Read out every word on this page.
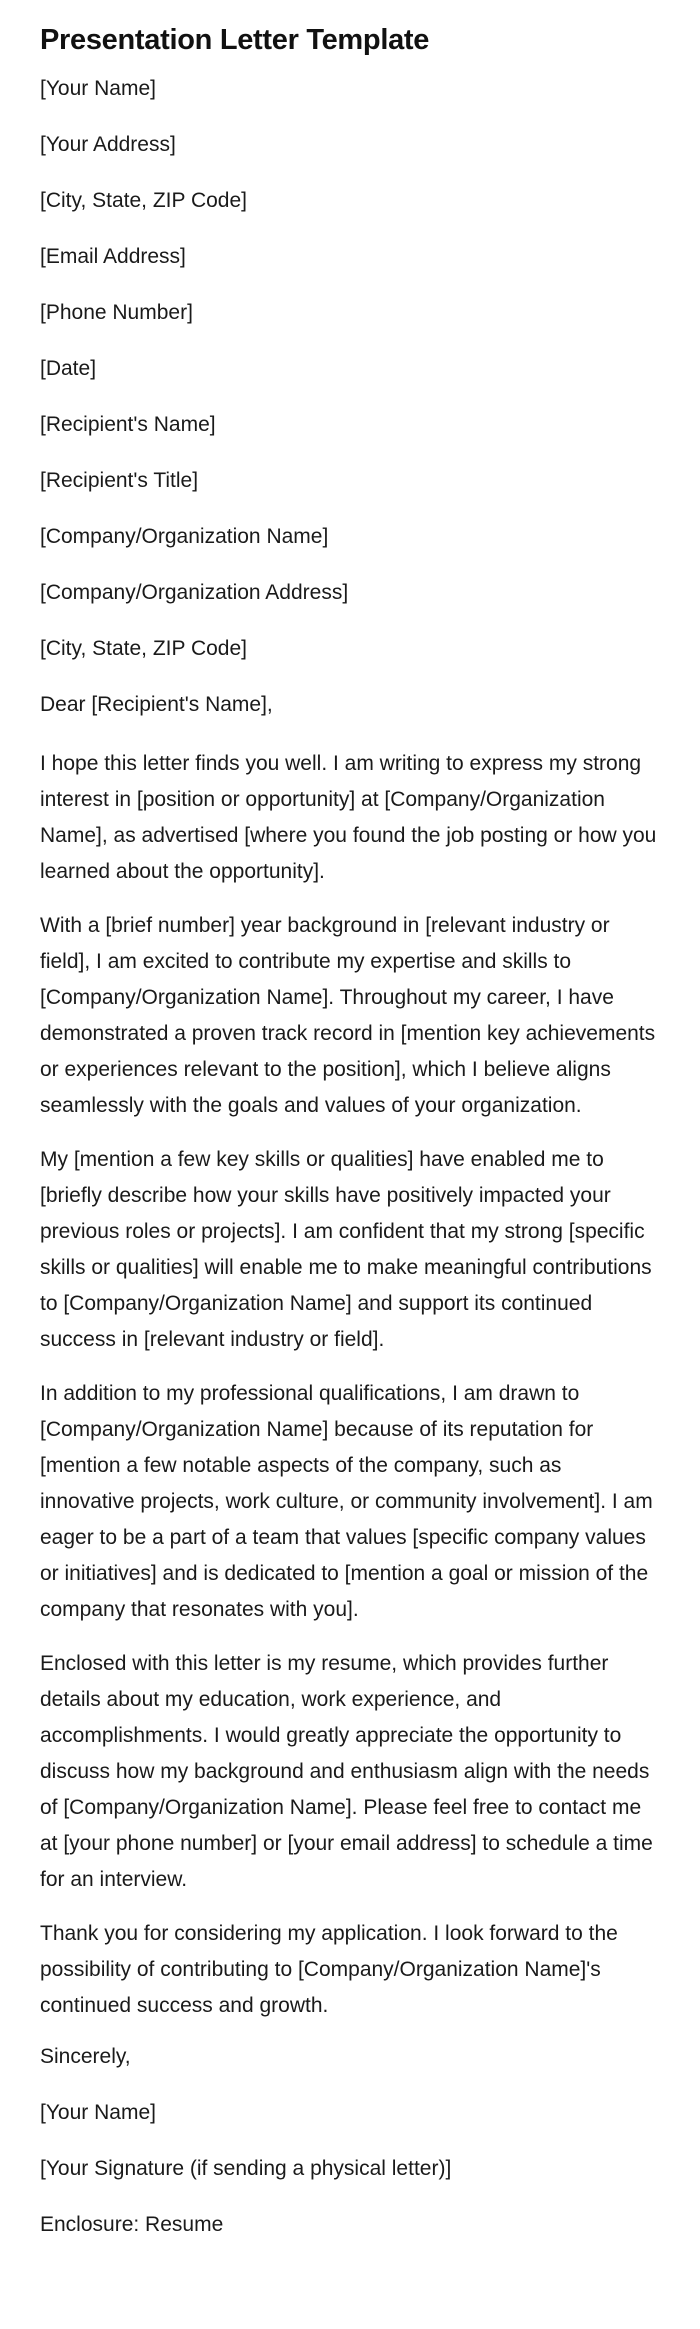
Presentation Letter Template
[Your Name]
[Your Address]
[City, State, ZIP Code]
[Email Address]
[Phone Number]
[Date]
[Recipient's Name]
[Recipient's Title]
[Company/Organization Name]
[Company/Organization Address]
[City, State, ZIP Code]
Dear [Recipient's Name],

I hope this letter finds you well. I am writing to express my strong interest in [position or opportunity] at [Company/Organization Name], as advertised [where you found the job posting or how you learned about the opportunity].

With a [brief number] year background in [relevant industry or field], I am excited to contribute my expertise and skills to [Company/Organization Name]. Throughout my career, I have demonstrated a proven track record in [mention key achievements or experiences relevant to the position], which I believe aligns seamlessly with the goals and values of your organization.

My [mention a few key skills or qualities] have enabled me to [briefly describe how your skills have positively impacted your previous roles or projects]. I am confident that my strong [specific skills or qualities] will enable me to make meaningful contributions to [Company/Organization Name] and support its continued success in [relevant industry or field].

In addition to my professional qualifications, I am drawn to [Company/Organization Name] because of its reputation for [mention a few notable aspects of the company, such as innovative projects, work culture, or community involvement]. I am eager to be a part of a team that values [specific company values or initiatives] and is dedicated to [mention a goal or mission of the company that resonates with you].

Enclosed with this letter is my resume, which provides further details about my education, work experience, and accomplishments. I would greatly appreciate the opportunity to discuss how my background and enthusiasm align with the needs of [Company/Organization Name]. Please feel free to contact me at [your phone number] or [your email address] to schedule a time for an interview.

Thank you for considering my application. I look forward to the possibility of contributing to [Company/Organization Name]'s continued success and growth.

Sincerely,
[Your Name]
[Your Signature (if sending a physical letter)]
Enclosure: Resume
